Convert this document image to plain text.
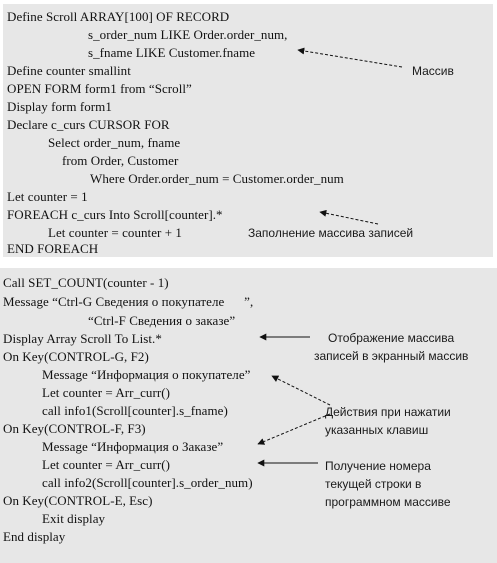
Define Scroll ARRAY[100] OF RECORD
s_order_num LIKE Order.order_num,
s_fname LIKE Customer.fname
Define counter smallint
OPEN FORM form1 from “Scroll”
Display form form1
Declare c_curs CURSOR FOR
Select order_num, fname
from Order, Customer
Where Order.order_num = Customer.order_num
Let counter = 1
FOREACH c_curs Into Scroll[counter].*
Let counter = counter + 1
END FOREACH
Call SET_COUNT(counter - 1)
Message “Ctrl-G Сведения о покупателе      ”,
“Ctrl-F Сведения о заказе”
Display Array Scroll To List.*
On Key(CONTROL-G, F2)
Message “Информация о покупателе”
Let counter = Arr_curr()
call info1(Scroll[counter].s_fname)
On Key(CONTROL-F, F3)
Message “Информация о Заказе”
Let counter = Arr_curr()
call info2(Scroll[counter].s_order_num)
On Key(CONTROL-E, Esc)
Exit display
End display
Массив
Заполнение массива записей
Отображение массива
записей в экранный массив
Действия при нажатии
указанных клавиш
Получение номера
текущей строки в
программном массиве
